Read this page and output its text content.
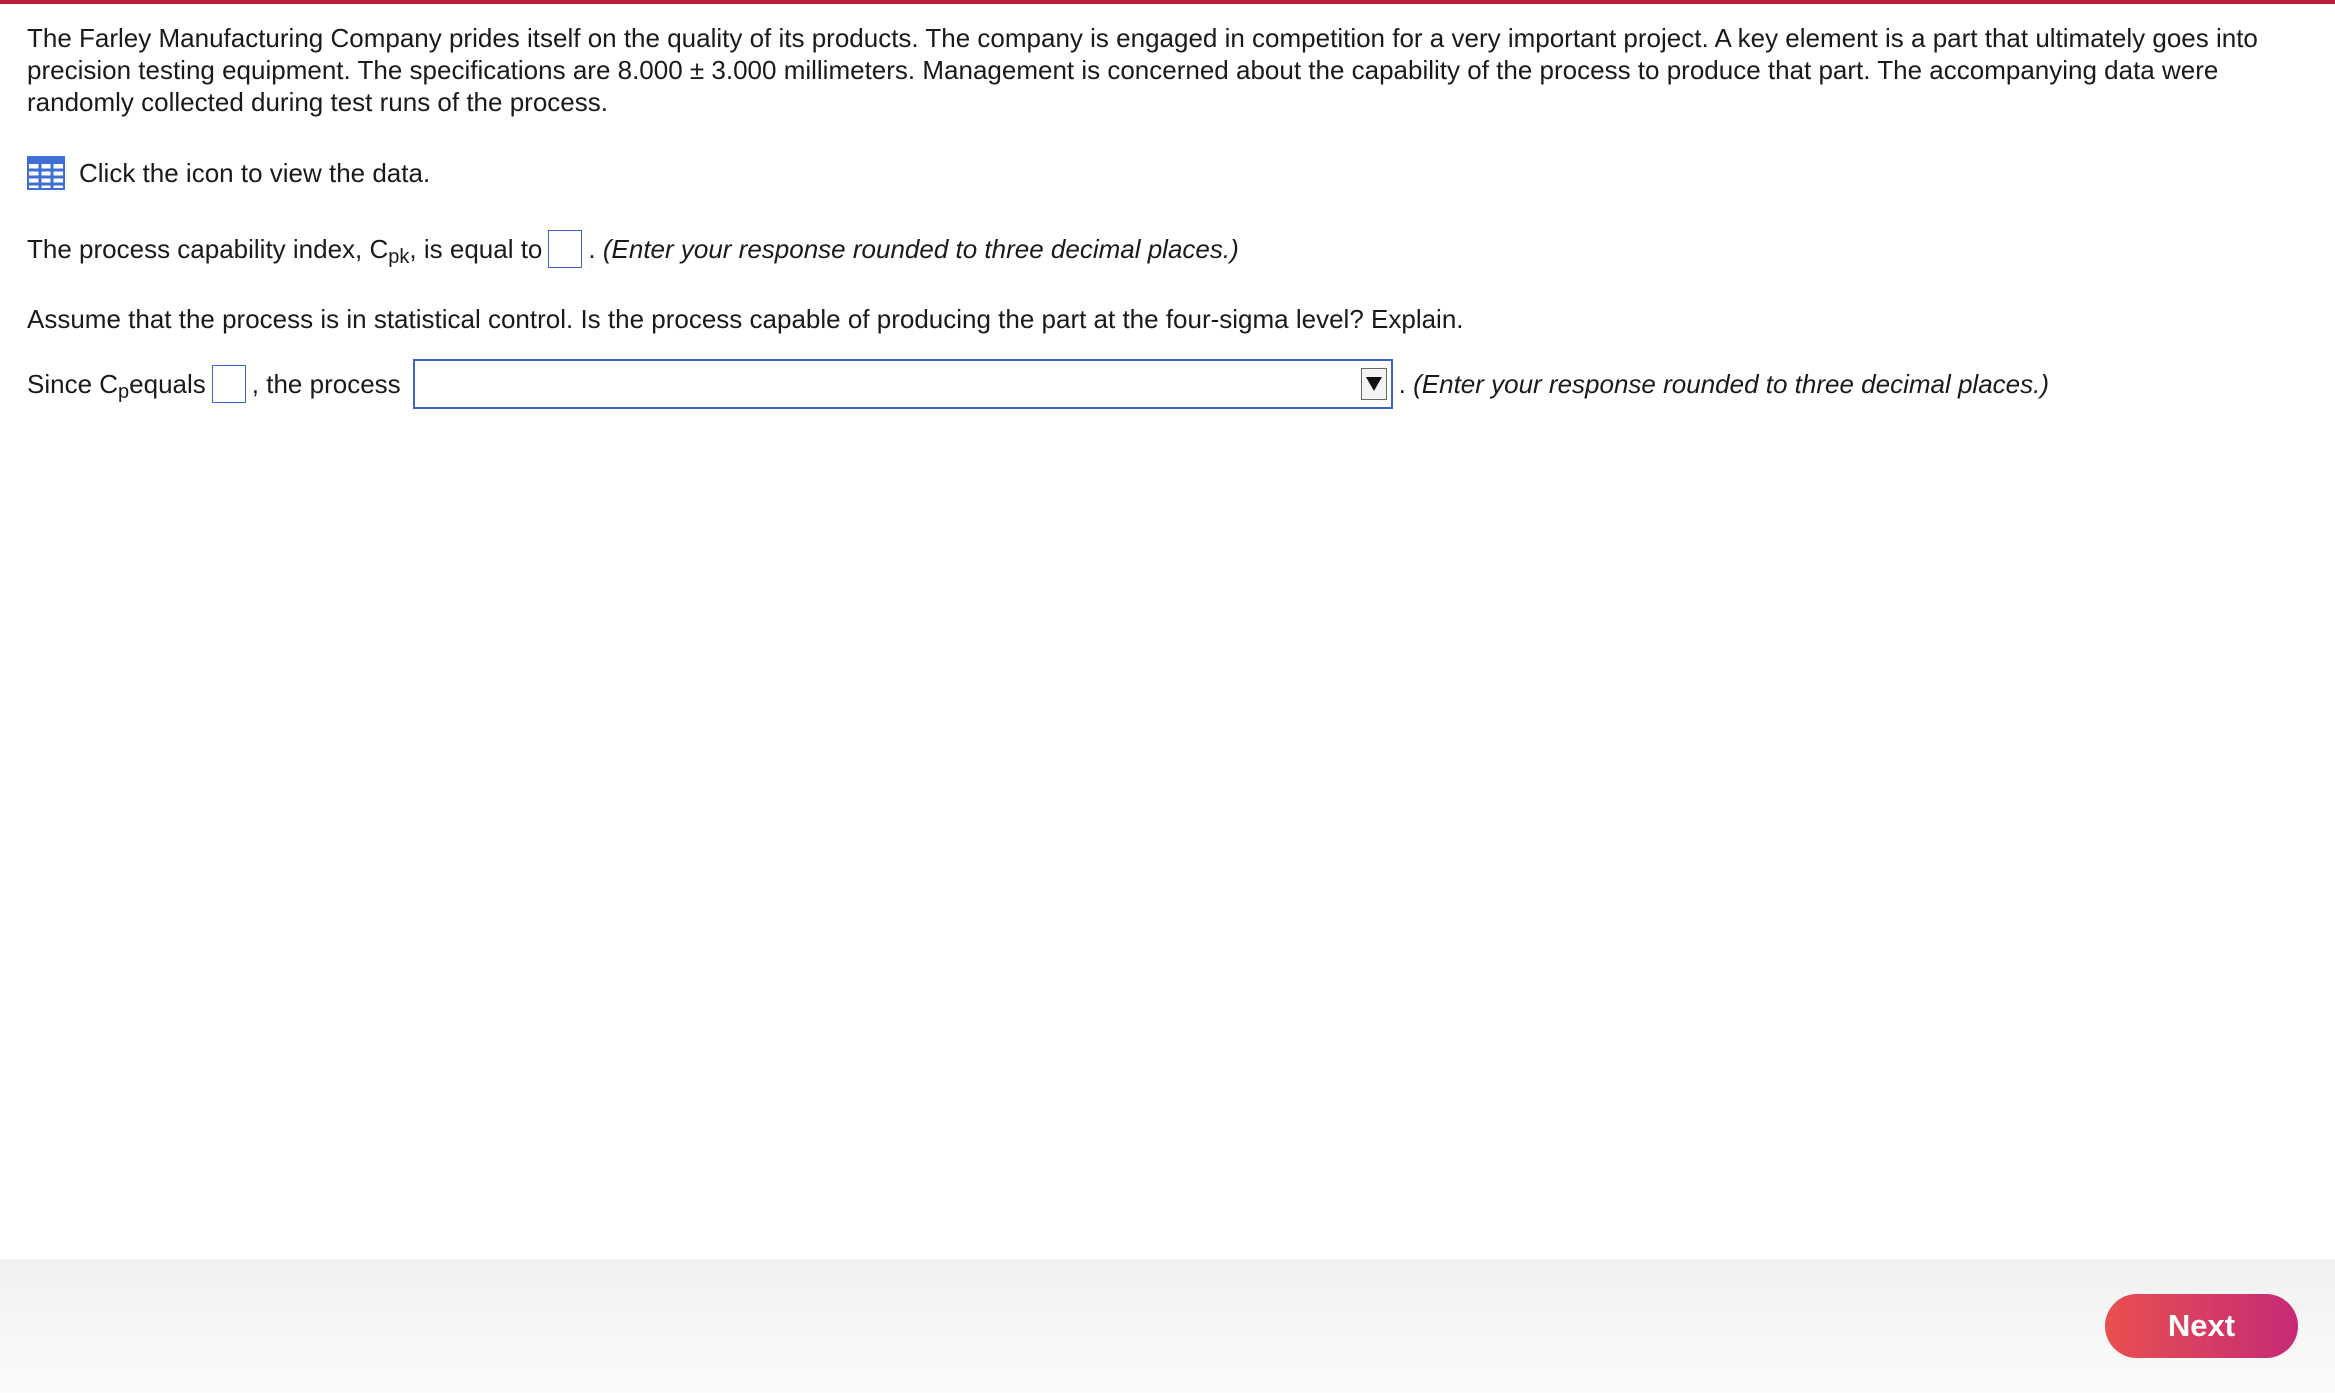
The Farley Manufacturing Company prides itself on the quality of its products. The company is engaged in competition for a very important project. A key element is a part that ultimately goes into precision testing equipment. The specifications are 8.000 ± 3.000 millimeters. Management is concerned about the capability of the process to produce that part. The accompanying data were randomly collected during test runs of the process.

Click the icon to view the data.
The process capability index, C pk , is equal to . (Enter your response rounded to three decimal places.)
Assume that the process is in statistical control. Is the process capable of producing the part at the four-sigma level? Explain.
Since C p equals , the process	. (Enter your response rounded to three decimal places.)
Next
